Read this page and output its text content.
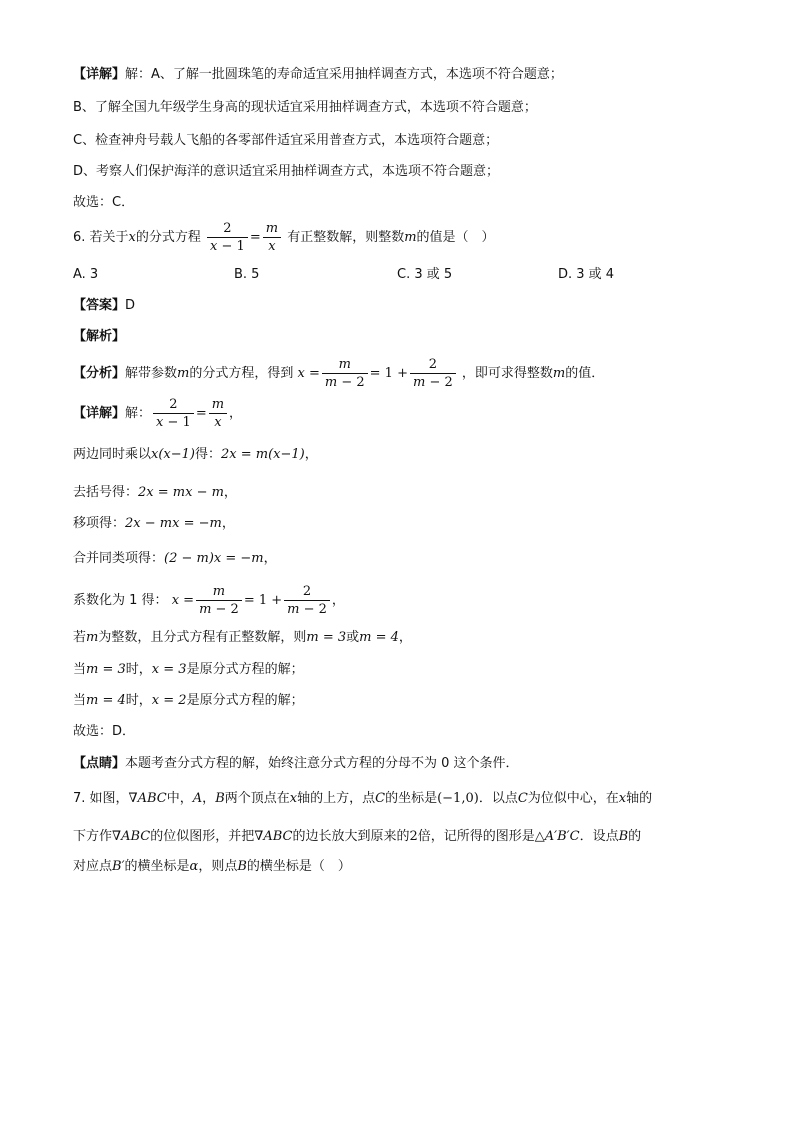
【详解】解：A、了解一批圆珠笔的寿命适宜采用抽样调查方式，本选项不符合题意；
B、了解全国九年级学生身高的现状适宜采用抽样调查方式，本选项不符合题意；
C、检查神舟号载人飞船的各零部件适宜采用普查方式，本选项符合题意；
D、考察人们保护海洋的意识适宜采用抽样调查方式，本选项不符合题意；
故选：C．
6. 若关于x的分式方程 $\frac{2}{x - 1} = \frac{m}{x}$ 有正整数解，则整数m的值是（　）
A. 3	B. 5	C. 3 或 5	D. 3 或 4
【答案】D
【解析】
【分析】解带参数m的分式方程，得到 $x = \frac{m}{m - 2} = 1 + \frac{2}{m - 2}$ ，即可求得整数m的值．
【详解】解： $\frac{2}{x - 1} = \frac{m}{x}$ ，
两边同时乘以x(x−1)得：2x = m(x−1)，
去括号得：2x = mx − m，
移项得：2x − mx = −m，
合并同类项得：(2 − m)x = −m，
系数化为 1 得： $x = \frac{m}{m - 2} = 1 + \frac{2}{m - 2}$ ，
若m为整数，且分式方程有正整数解，则m = 3或m = 4，
当m = 3时，x = 3是原分式方程的解；
当m = 4时，x = 2是原分式方程的解；
故选：D．
【点睛】本题考查分式方程的解，始终注意分式方程的分母不为 0 这个条件．
7. 如图，∇ABC中，A，B两个顶点在x轴的上方，点C的坐标是(−1,0)．以点C为位似中心，在x轴的
下方作∇ABC的位似图形，并把∇ABC的边长放大到原来的2倍，记所得的图形是△A′B′C．设点B的
对应点B′的横坐标是α，则点B的横坐标是（　）
